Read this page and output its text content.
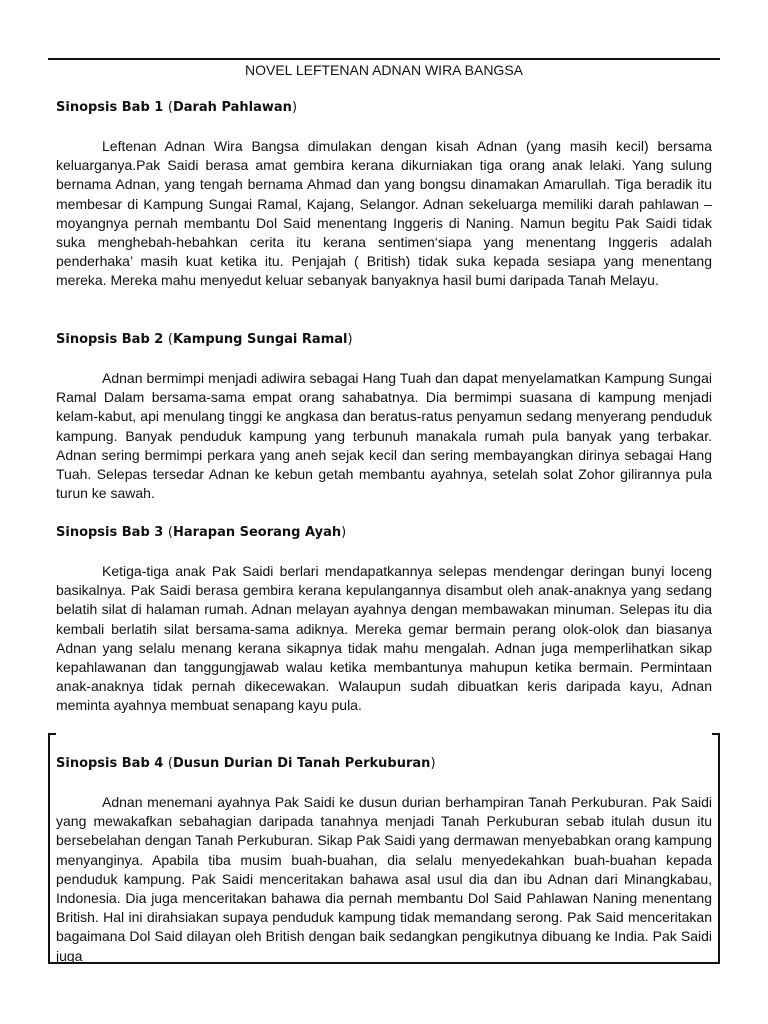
NOVEL LEFTENAN ADNAN WIRA BANGSA

Sinopsis Bab 1 (Darah Pahlawan)

Leftenan Adnan Wira Bangsa dimulakan dengan kisah Adnan (yang masih kecil) bersama keluarganya.Pak Saidi berasa amat gembira kerana dikurniakan tiga orang anak lelaki. Yang sulung bernama Adnan, yang tengah bernama Ahmad dan yang bongsu dinamakan Amarullah. Tiga beradik itu membesar di Kampung Sungai Ramal, Kajang, Selangor. Adnan sekeluarga memiliki darah pahlawan – moyangnya pernah membantu Dol Said menentang Inggeris di Naning. Namun begitu Pak Saidi tidak suka menghebah-hebahkan cerita itu kerana sentimen‘siapa yang menentang Inggeris adalah penderhaka’ masih kuat ketika itu. Penjajah ( British) tidak suka kepada sesiapa yang menentang mereka. Mereka mahu menyedut keluar sebanyak banyaknya hasil bumi daripada Tanah Melayu.

Sinopsis Bab 2 (Kampung Sungai Ramal)

Adnan bermimpi menjadi adiwira sebagai Hang Tuah dan dapat menyelamatkan Kampung Sungai Ramal Dalam bersama-sama empat orang sahabatnya. Dia bermimpi suasana di kampung menjadi kelam-kabut, api menulang tinggi ke angkasa dan beratus-ratus penyamun sedang menyerang penduduk kampung. Banyak penduduk kampung yang terbunuh manakala rumah pula banyak yang terbakar. Adnan sering bermimpi perkara yang aneh sejak kecil dan sering membayangkan dirinya sebagai Hang Tuah. Selepas tersedar Adnan ke kebun getah membantu ayahnya, setelah solat Zohor gilirannya pula turun ke sawah.

Sinopsis Bab 3 (Harapan Seorang Ayah)

Ketiga-tiga anak Pak Saidi berlari mendapatkannya selepas mendengar deringan bunyi loceng basikalnya. Pak Saidi berasa gembira kerana kepulangannya disambut oleh anak-anaknya yang sedang belatih silat di halaman rumah. Adnan melayan ayahnya dengan membawakan minuman. Selepas itu dia kembali berlatih silat bersama-sama adiknya. Mereka gemar bermain perang olok-olok dan biasanya Adnan yang selalu menang kerana sikapnya tidak mahu mengalah. Adnan juga memperlihatkan sikap kepahlawanan dan tanggungjawab walau ketika membantunya mahupun ketika bermain. Permintaan anak-anaknya tidak pernah dikecewakan. Walaupun sudah dibuatkan keris daripada kayu, Adnan meminta ayahnya membuat senapang kayu pula.

Sinopsis Bab 4 (Dusun Durian Di Tanah Perkuburan)

Adnan menemani ayahnya Pak Saidi ke dusun durian berhampiran Tanah Perkuburan. Pak Saidi yang mewakafkan sebahagian daripada tanahnya menjadi Tanah Perkuburan sebab itulah dusun itu bersebelahan dengan Tanah Perkuburan. Sikap Pak Saidi yang dermawan menyebabkan orang kampung menyanginya. Apabila tiba musim buah-buahan, dia selalu menyedekahkan buah-buahan kepada penduduk kampung. Pak Saidi menceritakan bahawa asal usul dia dan ibu Adnan dari Minangkabau, Indonesia. Dia juga menceritakan bahawa dia pernah membantu Dol Said Pahlawan Naning menentang British. Hal ini dirahsiakan supaya penduduk kampung tidak memandang serong. Pak Said menceritakan bagaimana Dol Said dilayan oleh British dengan baik sedangkan pengikutnya dibuang ke India. Pak Saidi juga
